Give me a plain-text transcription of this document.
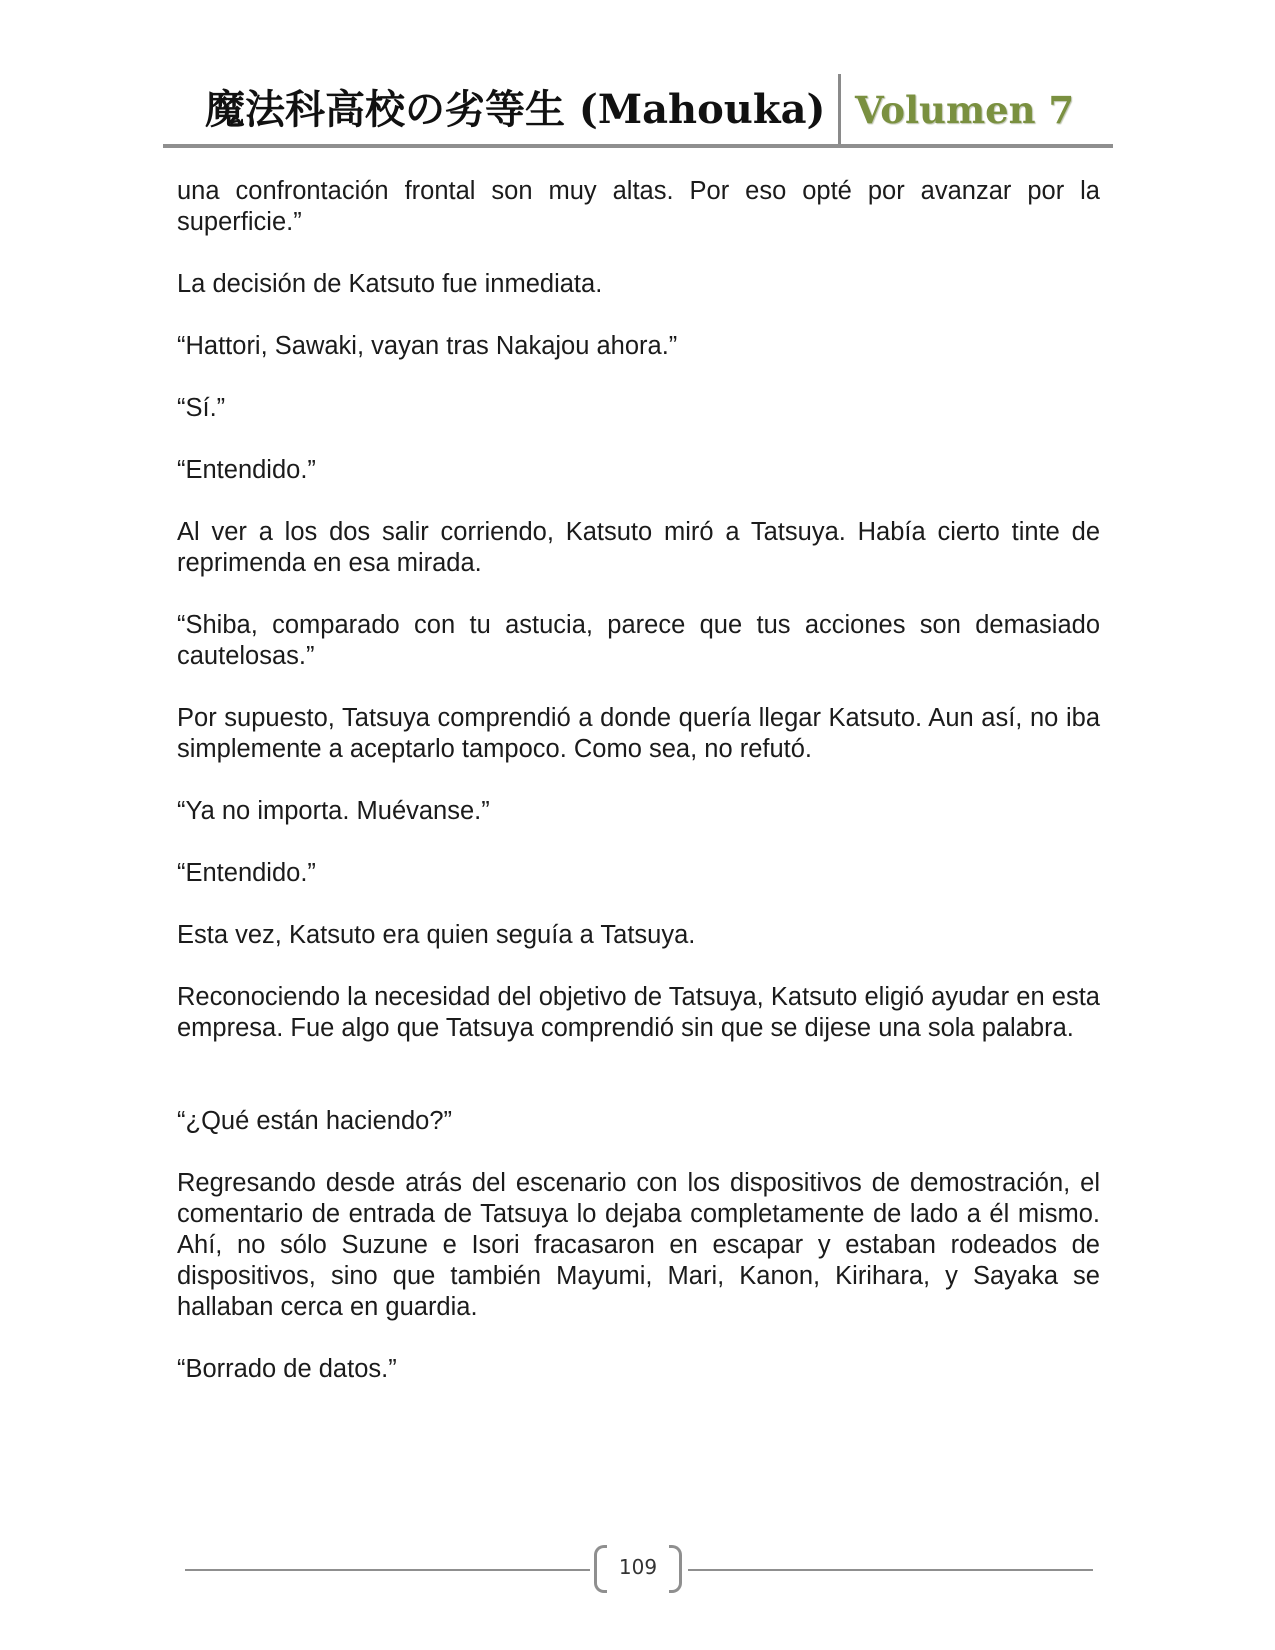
魔法科高校の劣等生 (Mahouka) Volumen 7

una confrontación frontal son muy altas. Por eso opté por avanzar por la superficie.”

La decisión de Katsuto fue inmediata.

“Hattori, Sawaki, vayan tras Nakajou ahora.”

“Sí.”

“Entendido.”

Al ver a los dos salir corriendo, Katsuto miró a Tatsuya. Había cierto tinte de reprimenda en esa mirada.

“Shiba, comparado con tu astucia, parece que tus acciones son demasiado cautelosas.”

Por supuesto, Tatsuya comprendió a donde quería llegar Katsuto. Aun así, no iba simplemente a aceptarlo tampoco. Como sea, no refutó.

“Ya no importa. Muévanse.”

“Entendido.”

Esta vez, Katsuto era quien seguía a Tatsuya.

Reconociendo la necesidad del objetivo de Tatsuya, Katsuto eligió ayudar en esta empresa. Fue algo que Tatsuya comprendió sin que se dijese una sola palabra.

“¿Qué están haciendo?”

Regresando desde atrás del escenario con los dispositivos de demostración, el comentario de entrada de Tatsuya lo dejaba completamente de lado a él mismo. Ahí, no sólo Suzune e Isori fracasaron en escapar y estaban rodeados de dispositivos, sino que también Mayumi, Mari, Kanon, Kirihara, y Sayaka se hallaban cerca en guardia.

“Borrado de datos.”

109
